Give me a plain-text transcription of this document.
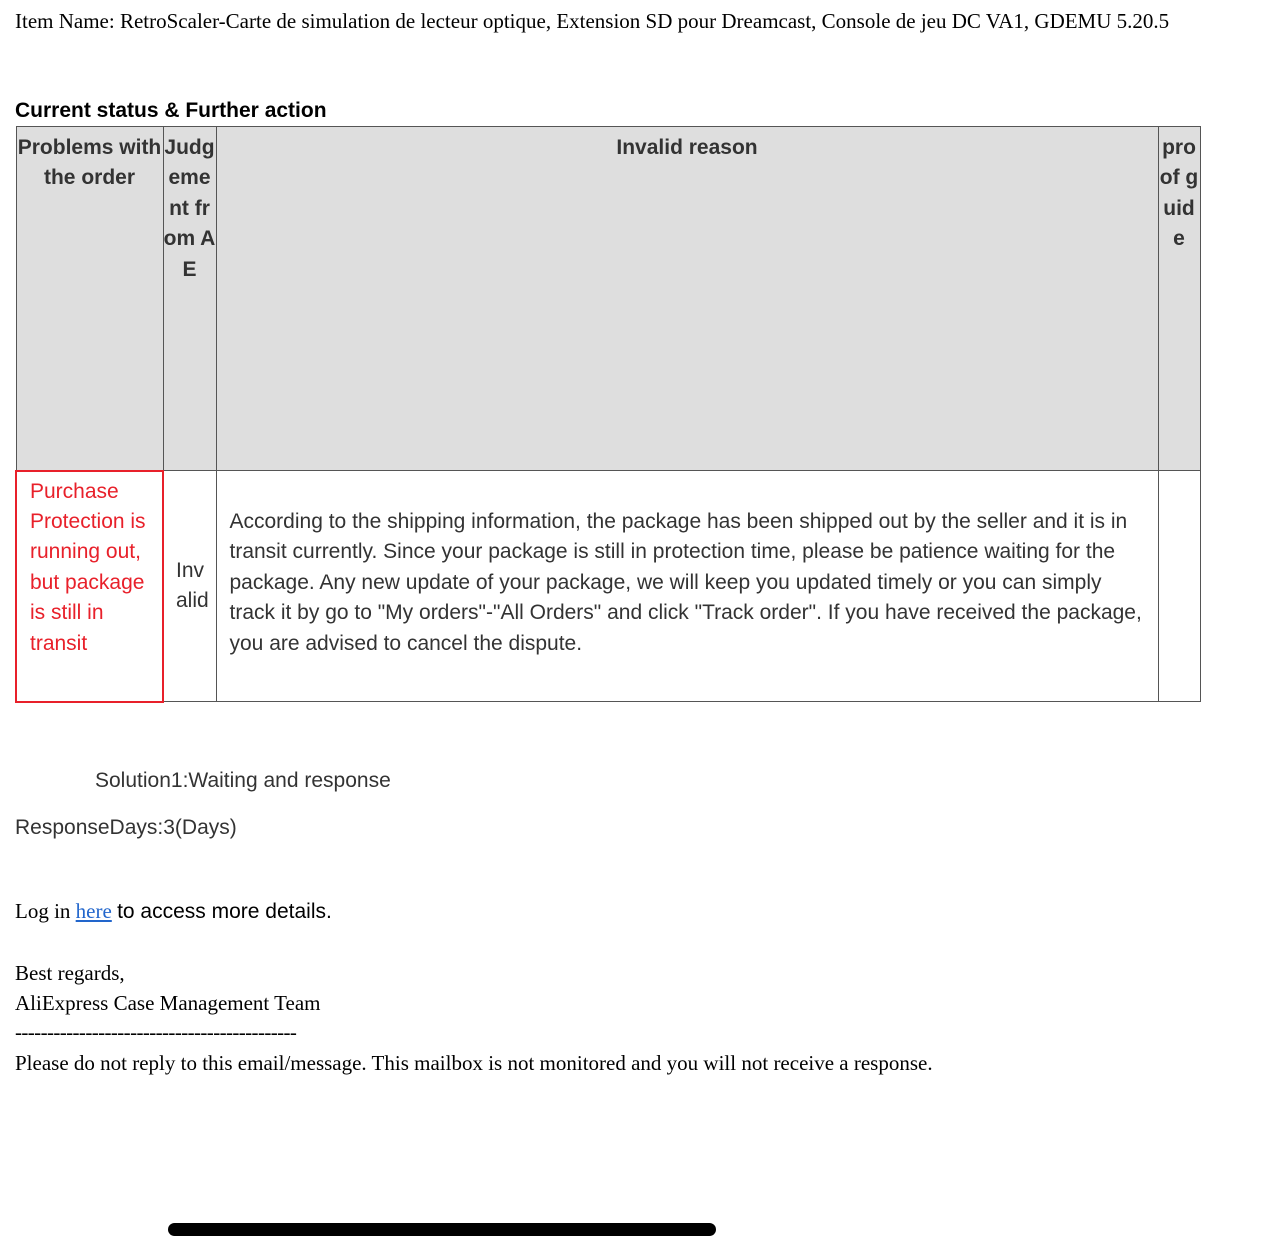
Item Name: RetroScaler-Carte de simulation de lecteur optique, Extension SD pour Dreamcast, Console de jeu DC VA1, GDEMU 5.20.5
Current status & Further action
Problems with the order	Judgement from AE	Invalid reason	proof guide
Purchase Protection is running out, but package is still in transit	Invalid	According to the shipping information, the package has been shipped out by the seller and it is in transit currently. Since your package is still in protection time, please be patience waiting for the package. Any new update of your package, we will keep you updated timely or you can simply track it by go to "My orders"-"All Orders" and click "Track order". If you have received the package, you are advised to cancel the dispute.	
Solution1:Waiting and response
ResponseDays:3(Days)
Log in here to access more details.
Best regards,
AliExpress Case Management Team
--------------------------------------------
Please do not reply to this email/message. This mailbox is not monitored and you will not receive a response.
